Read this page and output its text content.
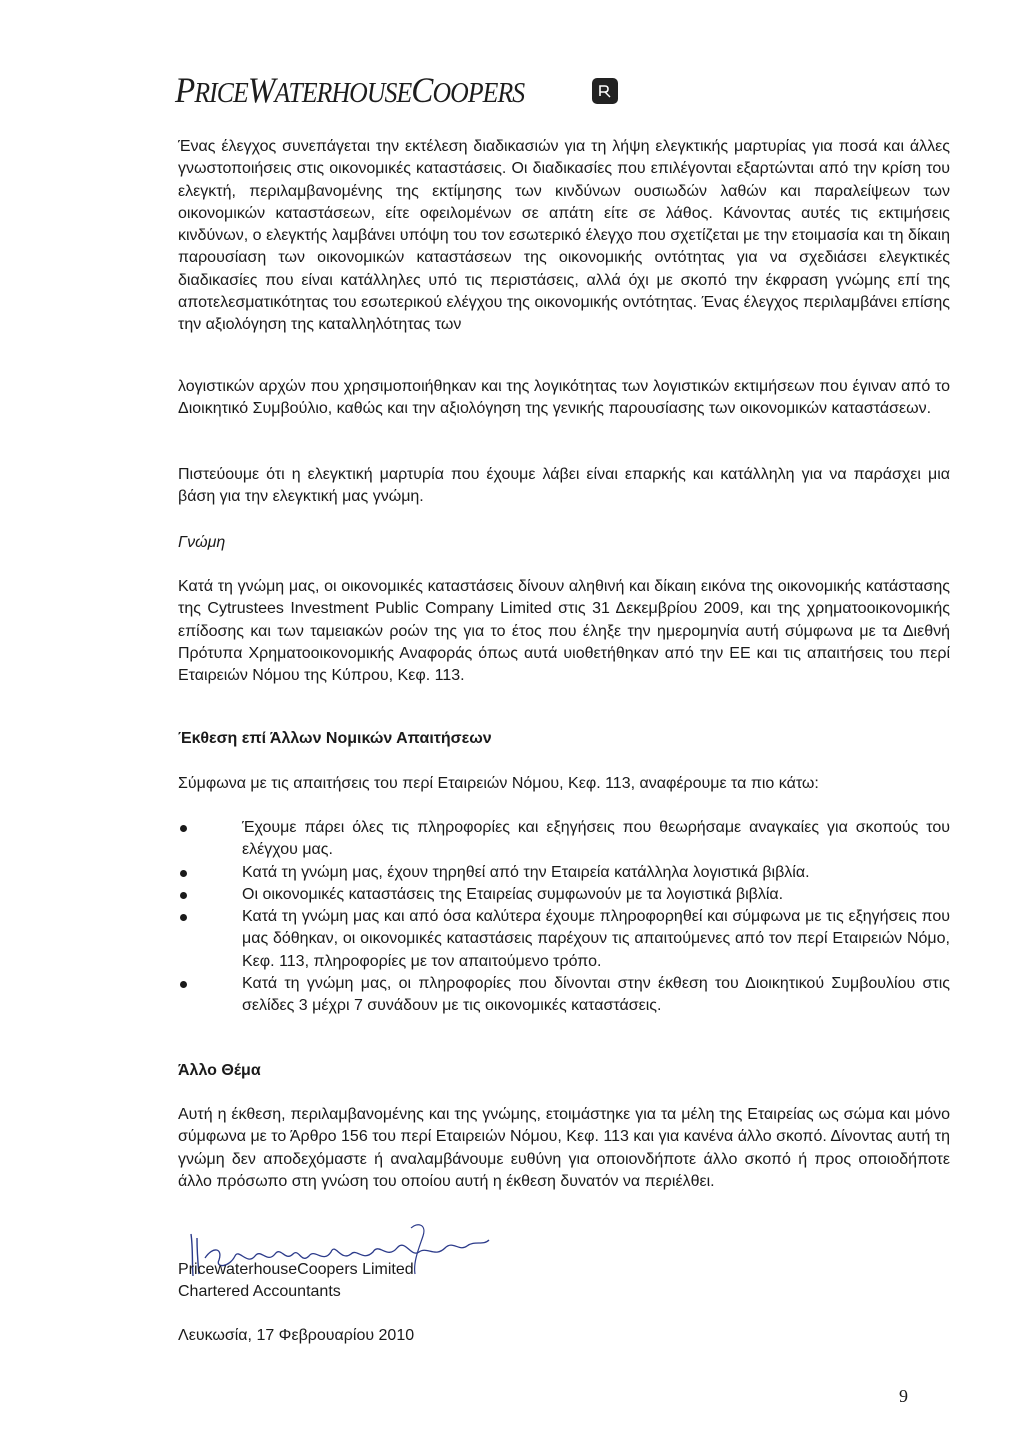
PRICEWATERHOUSECOOPERS

Ένας έλεγχος συνεπάγεται την εκτέλεση διαδικασιών για τη λήψη ελεγκτικής μαρτυρίας για ποσά και άλλες γνωστοποιήσεις στις οικονομικές καταστάσεις. Οι διαδικασίες που επιλέγονται εξαρτώνται από την κρίση του ελεγκτή, περιλαμβανομένης της εκτίμησης των κινδύνων ουσιωδών λαθών και παραλείψεων των οικονομικών καταστάσεων, είτε οφειλομένων σε απάτη είτε σε λάθος. Κάνοντας αυτές τις εκτιμήσεις κινδύνων, ο ελεγκτής λαμβάνει υπόψη του τον εσωτερικό έλεγχο που σχετίζεται με την ετοιμασία και τη δίκαιη παρουσίαση των οικονομικών καταστάσεων της οικονομικής οντότητας για να σχεδιάσει ελεγκτικές διαδικασίες που είναι κατάλληλες υπό τις περιστάσεις, αλλά όχι με σκοπό την έκφραση γνώμης επί της αποτελεσματικότητας του εσωτερικού ελέγχου της οικονομικής οντότητας. Ένας έλεγχος περιλαμβάνει επίσης την αξιολόγηση της καταλληλότητας των

λογιστικών αρχών που χρησιμοποιήθηκαν και της λογικότητας των λογιστικών εκτιμήσεων που έγιναν από το Διοικητικό Συμβούλιο, καθώς και την αξιολόγηση της γενικής παρουσίασης των οικονομικών καταστάσεων.

Πιστεύουμε ότι η ελεγκτική μαρτυρία που έχουμε λάβει είναι επαρκής και κατάλληλη για να παράσχει μια βάση για την ελεγκτική μας γνώμη.

Γνώμη

Κατά τη γνώμη μας, οι οικονομικές καταστάσεις δίνουν αληθινή και δίκαιη εικόνα της οικονομικής κατάστασης της Cytrustees Investment Public Company Limited στις 31 Δεκεμβρίου 2009, και της χρηματοοικονομικής επίδοσης και των ταμειακών ροών της για το έτος που έληξε την ημερομηνία αυτή σύμφωνα με τα Διεθνή Πρότυπα Χρηματοοικονομικής Αναφοράς όπως αυτά υιοθετήθηκαν από την ΕΕ και τις απαιτήσεις του περί Εταιρειών Νόμου της Κύπρου, Κεφ. 113.

Έκθεση επί Άλλων Νομικών Απαιτήσεων

Σύμφωνα με τις απαιτήσεις του περί Εταιρειών Νόμου, Κεφ. 113, αναφέρουμε τα πιο κάτω:

Έχουμε πάρει όλες τις πληροφορίες και εξηγήσεις που θεωρήσαμε αναγκαίες για σκοπούς του ελέγχου μας.
Κατά τη γνώμη μας, έχουν τηρηθεί από την Εταιρεία κατάλληλα λογιστικά βιβλία.
Οι οικονομικές καταστάσεις της Εταιρείας συμφωνούν με τα λογιστικά βιβλία.
Κατά τη γνώμη μας και από όσα καλύτερα έχουμε πληροφορηθεί και σύμφωνα με τις εξηγήσεις που μας δόθηκαν, οι οικονομικές καταστάσεις παρέχουν τις απαιτούμενες από τον περί Εταιρειών Νόμο, Κεφ. 113, πληροφορίες με τον απαιτούμενο τρόπο.
Κατά τη γνώμη μας, οι πληροφορίες που δίνονται στην έκθεση του Διοικητικού Συμβουλίου στις σελίδες 3 μέχρι 7 συνάδουν με τις οικονομικές καταστάσεις.
Άλλο Θέμα

Αυτή η έκθεση, περιλαμβανομένης και της γνώμης, ετοιμάστηκε για τα μέλη της Εταιρείας ως σώμα και μόνο σύμφωνα με το Άρθρο 156 του περί Εταιρειών Νόμου, Κεφ. 113 και για κανένα άλλο σκοπό. Δίνοντας αυτή τη γνώμη δεν αποδεχόμαστε ή αναλαμβάνουμε ευθύνη για οποιονδήποτε άλλο σκοπό ή προς οποιοδήποτε άλλο πρόσωπο στη γνώση του οποίου αυτή η έκθεση δυνατόν να περιέλθει.

PricewaterhouseCoopers Limited
Chartered Accountants
Λευκωσία, 17 Φεβρουαρίου 2010
9
